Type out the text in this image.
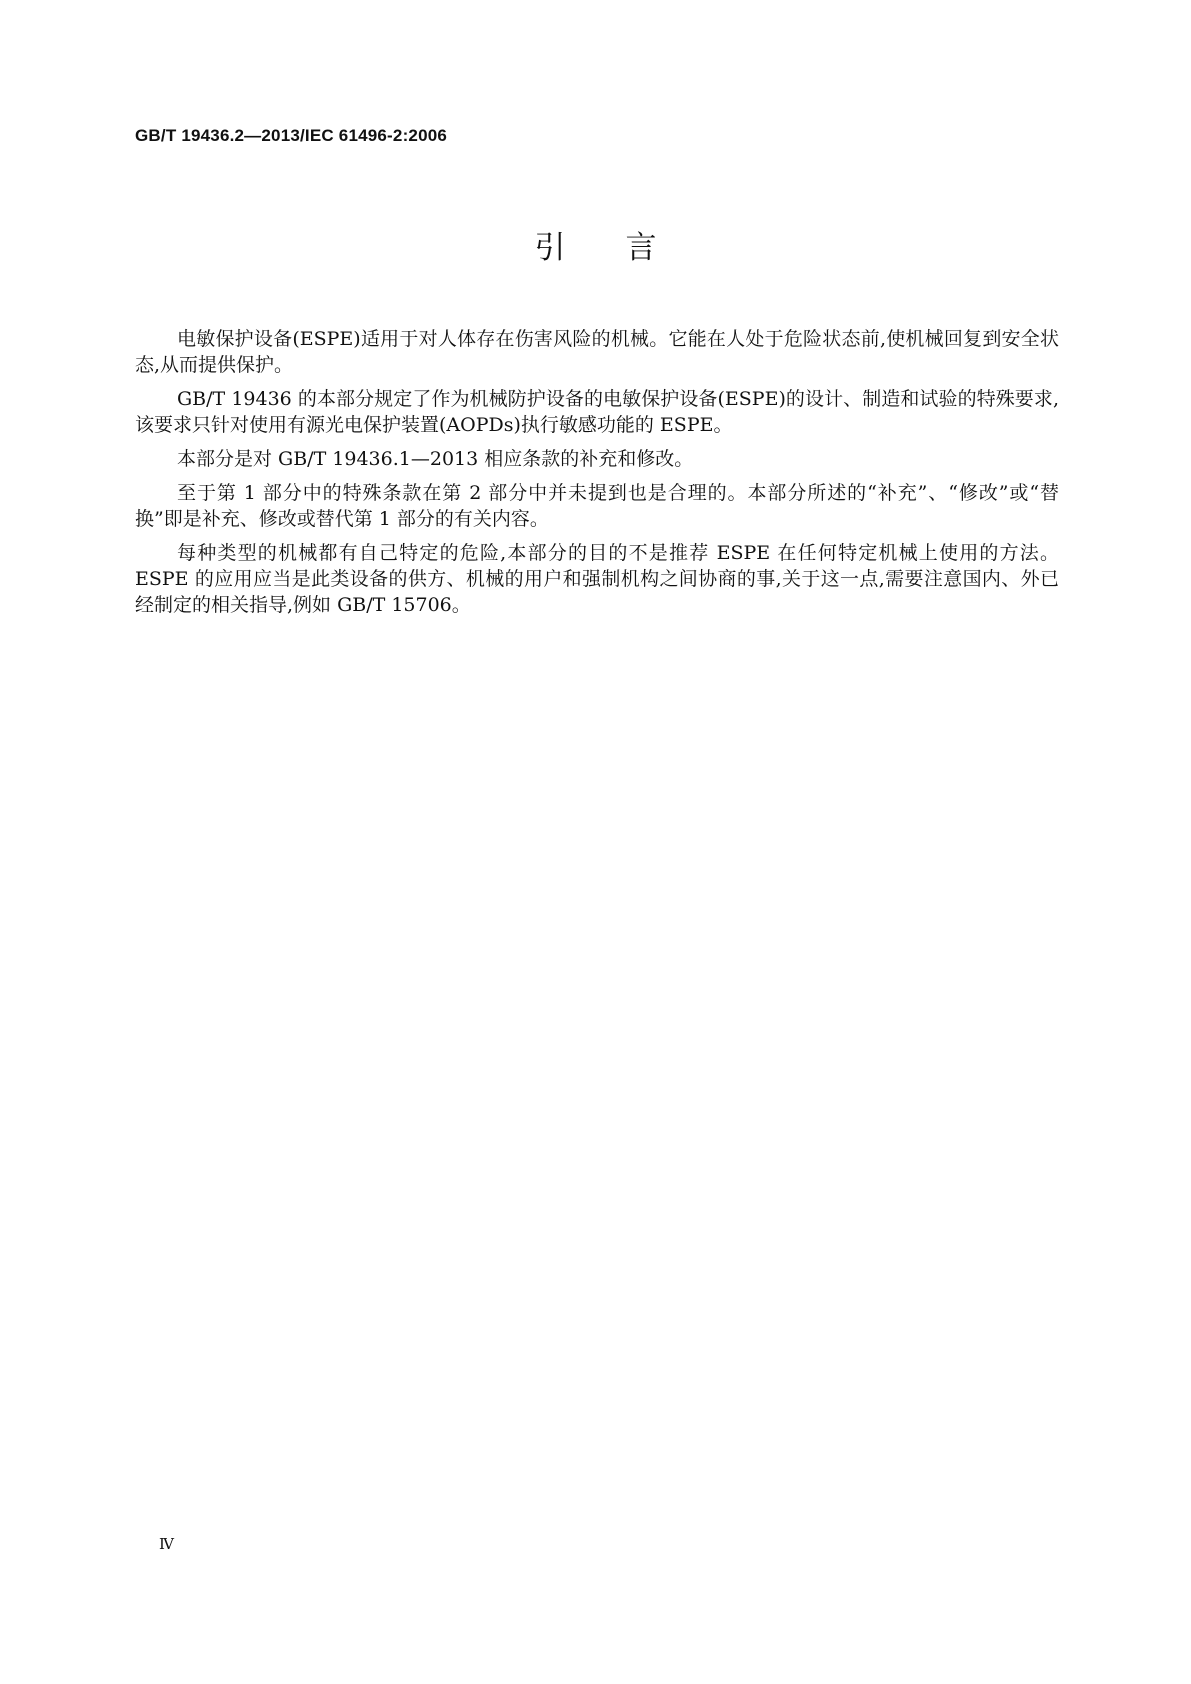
GB/T 19436.2—2013/IEC 61496-2:2006
引言

电敏保护设备(ESPE)适用于对人体存在伤害风险的机械。它能在人处于危险状态前,使机械回复到安全状态,从而提供保护。

GB/T 19436 的本部分规定了作为机械防护设备的电敏保护设备(ESPE)的设计、制造和试验的特殊要求,该要求只针对使用有源光电保护装置(AOPDs)执行敏感功能的 ESPE。

本部分是对 GB/T 19436.1—2013 相应条款的补充和修改。

至于第 1 部分中的特殊条款在第 2 部分中并未提到也是合理的。本部分所述的“补充”、“修改”或“替换”即是补充、修改或替代第 1 部分的有关内容。

每种类型的机械都有自己特定的危险,本部分的目的不是推荐 ESPE 在任何特定机械上使用的方法。ESPE 的应用应当是此类设备的供方、机械的用户和强制机构之间协商的事,关于这一点,需要注意国内、外已经制定的相关指导,例如 GB/T 15706。

Ⅳ
